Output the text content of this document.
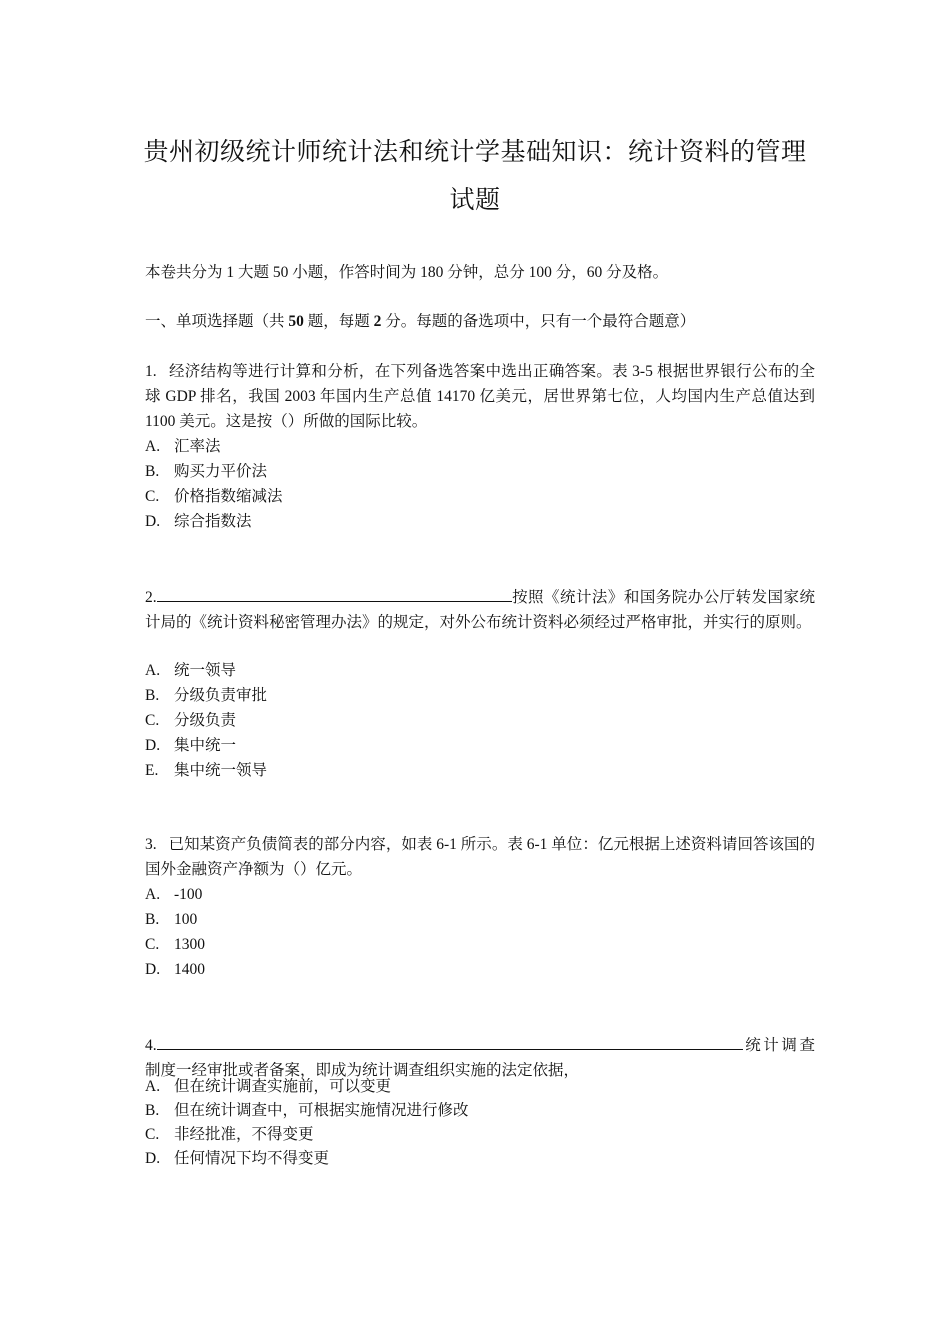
贵州初级统计师统计法和统计学基础知识：统计资料的管理
试题
本卷共分为 1 大题 50 小题，作答时间为 180 分钟，总分 100 分，60 分及格。
一、单项选择题（共 50 题，每题 2 分。每题的备选项中，只有一个最符合题意）
1. 经济结构等进行计算和分析，在下列备选答案中选出正确答案。表 3-5 根据世界银行公布的全球 GDP 排名，我国 2003 年国内生产总值 14170 亿美元，居世界第七位，人均国内生产总值达到 1100 美元。这是按（）所做的国际比较。
A. 汇率法
B. 购买力平价法
C. 价格指数缩减法
D. 综合指数法
2.	按照《统计法》和国务院办公厅转发国家统计局的《统计资料秘密管理办法》的规定，对外公布统计资料必须经过严格审批，并实行的原则。
A. 统一领导
B. 分级负责审批
C. 分级负责
D. 集中统一
E. 集中统一领导
3. 已知某资产负债简表的部分内容，如表 6-1 所示。表 6-1 单位：亿元根据上述资料请回答该国的国外金融资产净额为（）亿元。
A. -100
B. 100
C. 1300
D. 1400
4.	统计调查制度一经审批或者备案，即成为统计调查组织实施的法定依据，
A. 但在统计调查实施前，可以变更
B. 但在统计调查中，可根据实施情况进行修改
C. 非经批准，不得变更
D. 任何情况下均不得变更
